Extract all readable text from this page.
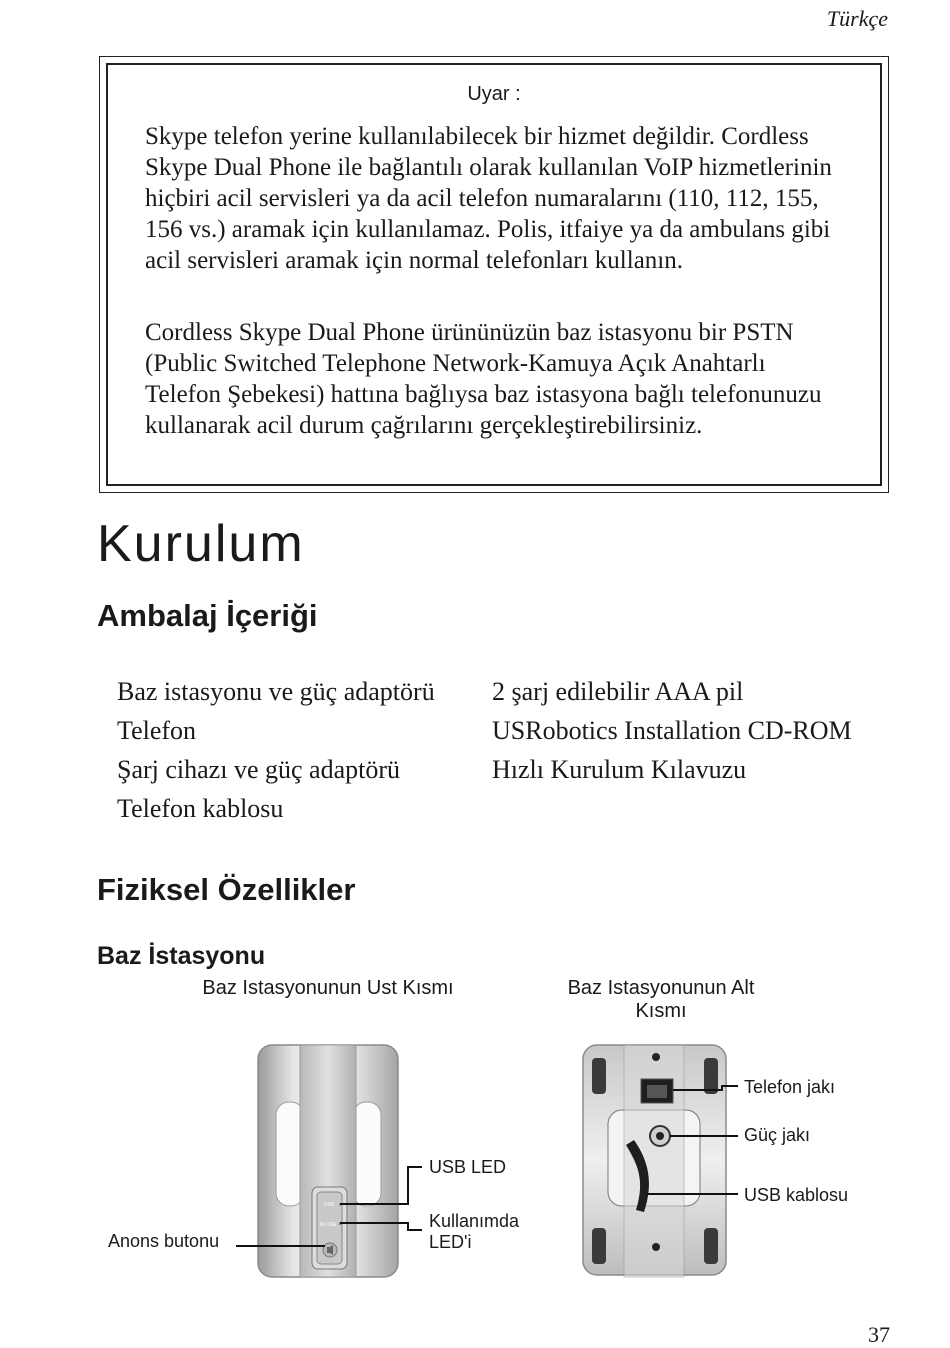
Türkçe
Uyar :

Skype telefon yerine kullanılabilecek bir hizmet değildir. Cordless Skype Dual Phone ile bağlantılı olarak kullanılan VoIP hizmetlerinin hiçbiri acil servisleri ya da acil telefon numaralarını (110, 112, 155, 156 vs.) aramak için kullanılamaz. Polis, itfaiye ya da ambulans gibi acil servisleri aramak için normal telefonları kullanın.

Cordless Skype Dual Phone ürününüzün baz istasyonu bir PSTN (Public Switched Telephone Network-Kamuya Açık Anahtarlı Telefon Şebekesi) hattına bağlıysa baz istasyona bağlı telefonunuzu kullanarak acil durum çağrılarını gerçekleştirebilirsiniz.

Kurulum
Ambalaj İçeriği
Baz istasyonu ve güç adaptörü
Telefon
Şarj cihazı ve güç adaptörü
Telefon kablosu
2 şarj edilebilir AAA pil
USRobotics Installation CD-ROM
Hızlı Kurulum Kılavuzu
Fiziksel Özellikler
Baz İstasyonu
Baz Istasyonunun Ust Kısmı	Baz Istasyonunun Alt Kısmı
USB
IN USE
USB LED
Kullanımda LED'i
Anons butonu
Telefon jakı
Güç jakı
USB kablosu
37
